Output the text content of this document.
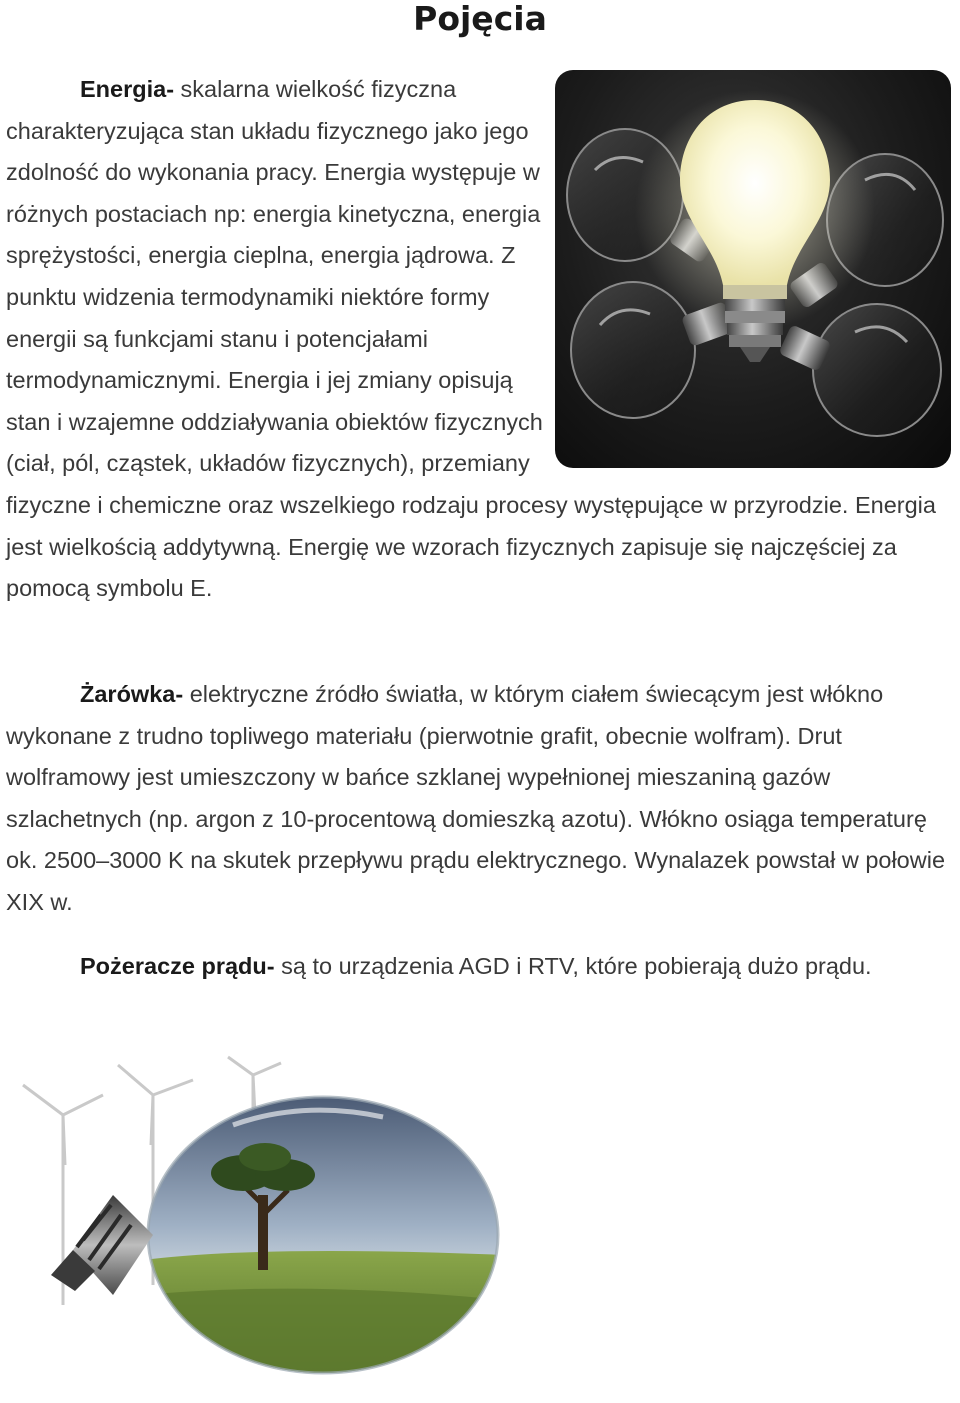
Pojęcia
Energia- skalarna wielkość fizyczna charakteryzująca stan układu fizycznego jako jego zdolność do wykonania pracy. Energia występuje w różnych postaciach np: energia kinetyczna, energia sprężystości, energia cieplna, energia jądrowa. Z punktu widzenia termodynamiki niektóre formy energii są funkcjami stanu i potencjałami termodynamicznymi. Energia i jej zmiany opisują stan i wzajemne oddziaływania obiektów fizycznych (ciał, pól, cząstek, układów fizycznych), przemiany fizyczne i chemiczne oraz wszelkiego rodzaju procesy występujące w przyrodzie. Energia jest wielkością addytywną. Energię we wzorach fizycznych zapisuje się najczęściej za pomocą symbolu E.

Żarówka- elektryczne źródło światła, w którym ciałem świecącym jest włókno wykonane z trudno topliwego materiału (pierwotnie grafit, obecnie wolfram). Drut wolframowy jest umieszczony w bańce szklanej wypełnionej mieszaniną gazów szlachetnych (np. argon z 10-procentową domieszką azotu). Włókno osiąga temperaturę ok. 2500–3000 K na skutek przepływu prądu elektrycznego. Wynalazek powstał w połowie XIX w.

Pożeracze prądu- są to urządzenia AGD i RTV, które pobierają dużo prądu.
